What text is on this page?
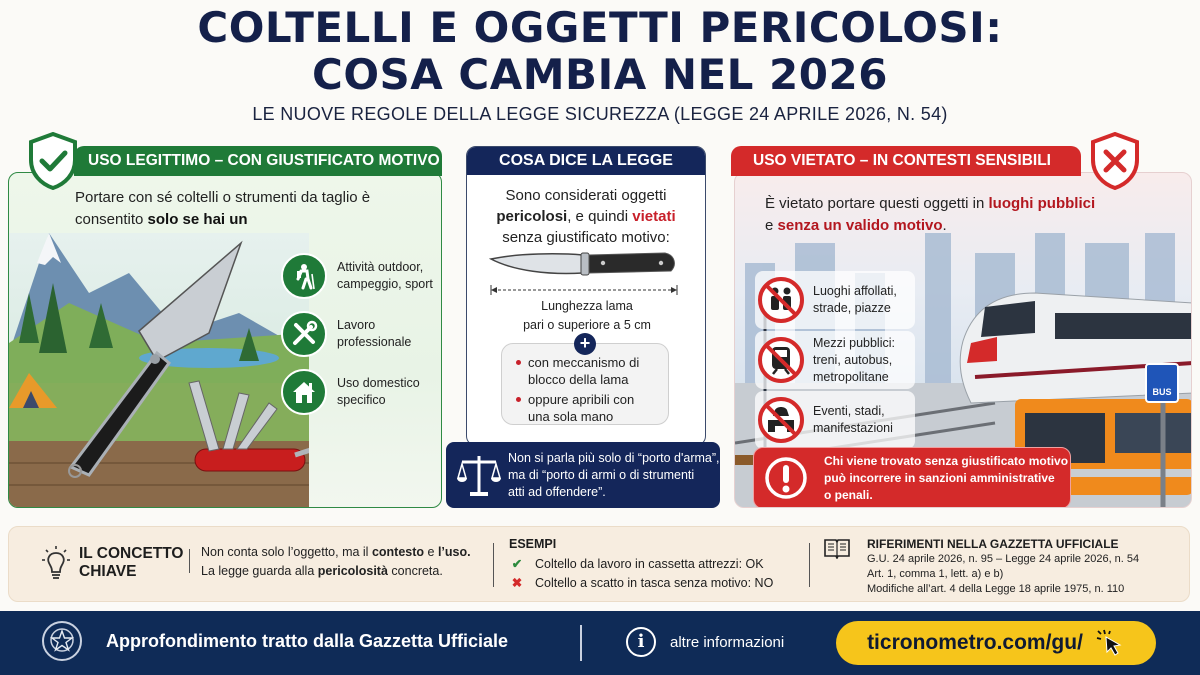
COLTELLI E OGGETTI PERICOLOSI:
COSA CAMBIA NEL 2026
LE NUOVE REGOLE DELLA LEGGE SICUREZZA (LEGGE 24 APRILE 2026, N. 54)
USO LEGITTIMO – CON GIUSTIFICATO MOTIVO
Portare con sé coltelli o strumenti da taglio è consentito solo se hai un

Attività outdoor,
campeggio, sport
Lavoro
professionale
Uso domestico
specifico
COSA DICE LA LEGGE
Sono considerati oggetti
pericolosi, e quindi vietati
senza giustificato motivo:
Lunghezza lama
pari o superiore a 5 cm
+
con meccanismo di
blocco della lama
oppure apribili con
una sola mano
Non si parla più solo di “porto d'arma”,
ma di “porto di armi o di strumenti
atti ad offendere”.
USO VIETATO – IN CONTESTI SENSIBILI
È vietato portare questi oggetti in luoghi pubblici
e senza un valido motivo.
BUS
Luoghi affollati,
strade, piazze
Mezzi pubblici:
treni, autobus,
metropolitane
Eventi, stadi,
manifestazioni
Chi viene trovato senza giustificato motivo
può incorrere in sanzioni amministrative
o penali.
IL CONCETTO
CHIAVE
Non conta solo l’oggetto, ma il contesto e l’uso.
La legge guarda alla pericolosità concreta.
ESEMPI
✔ Coltello da lavoro in cassetta attrezzi: OK
✖ Coltello a scatto in tasca senza motivo: NO
RIFERIMENTI NELLA GAZZETTA UFFICIALE
G.U. 24 aprile 2026, n. 95 – Legge 24 aprile 2026, n. 54
Art. 1, comma 1, lett. a) e b)
Modifiche all’art. 4 della Legge 18 aprile 1975, n. 110
Approfondimento tratto dalla Gazzetta Ufficiale	i	altre informazioni	ticronometro.com/gu/
